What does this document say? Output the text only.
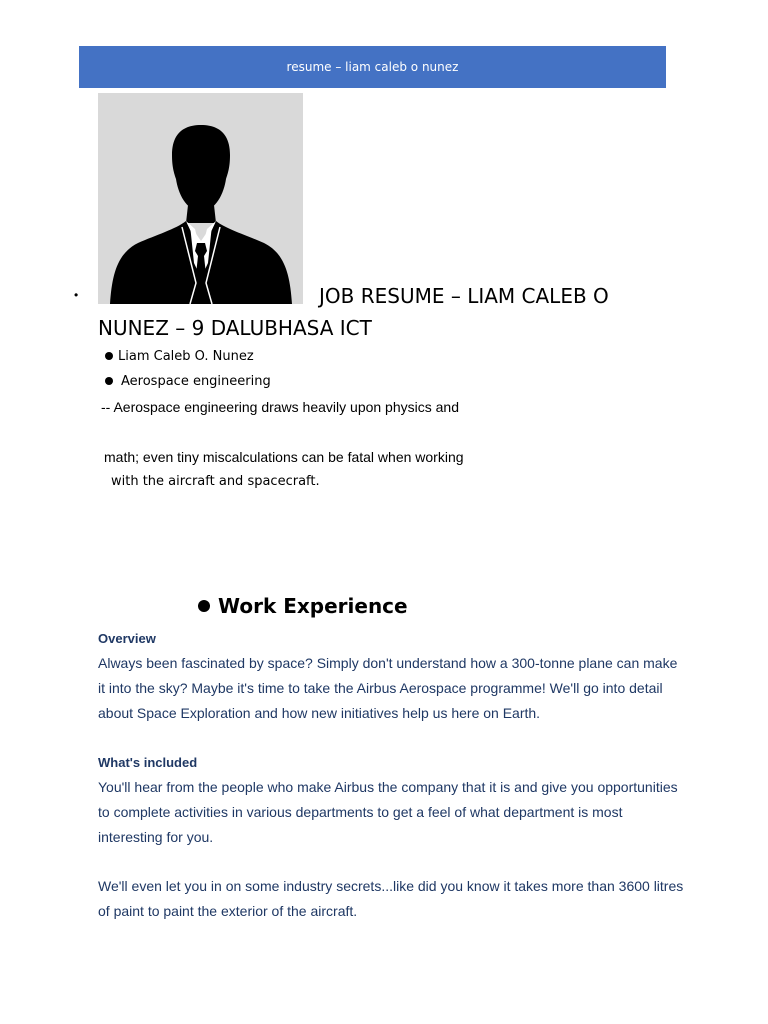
resume – liam caleb o nunez
•	JOB RESUME – LIAM CALEB O NUNEZ – 9 DALUBHASA ICT
Liam Caleb O. Nunez
Aerospace engineering
-- Aerospace engineering draws heavily upon physics and
math; even tiny miscalculations can be fatal when working
with the aircraft and spacecraft.
Work Experience
Overview

Always been fascinated by space? Simply don't understand how a 300-tonne plane can make it into the sky? Maybe it's time to take the Airbus Aerospace programme! We'll go into detail about Space Exploration and how new initiatives help us here on Earth.

What's included

You'll hear from the people who make Airbus the company that it is and give you opportunities to complete activities in various departments to get a feel of what department is most interesting for you.

We'll even let you in on some industry secrets...like did you know it takes more than 3600 litres of paint to paint the exterior of the aircraft.
